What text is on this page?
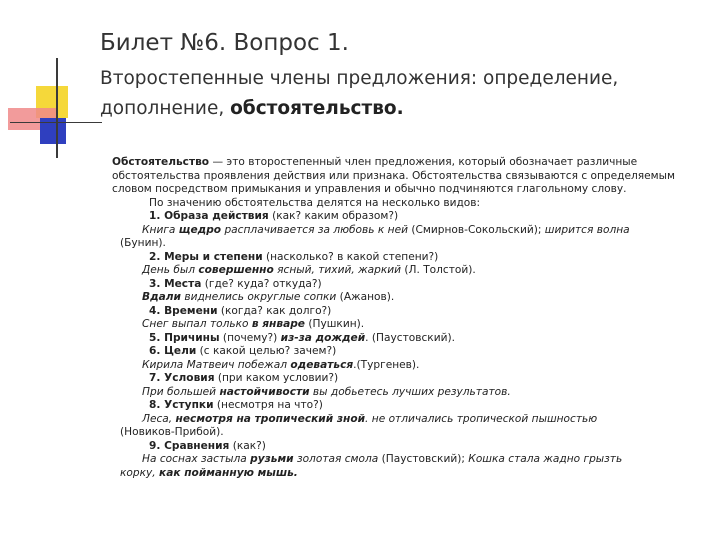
Билет №6. Вопрос 1.

Второстепенные члены предложения: определение,
дополнение, обстоятельство.

Обстоятельство — это второстепенный член предложения, который обозначает различные обстоятельства проявления действия или признака. Обстоятельства связываются с определяемым словом посредством примыкания и управления и обычно подчиняются глагольному слову.

По значению обстоятельства делятся на несколько видов:

1. Образа действия (как? каким образом?)

Книга щедро расплачивается за любовь к ней (Смирнов-Сокольский); ширится волна

(Бунин).

2. Меры и степени (насколько? в какой степени?)

День был совершенно ясный, тихий, жаркий (Л. Толстой).

3. Места (где? куда? откуда?)

Вдали виднелись округлые сопки (Ажанов).

4. Времени (когда? как долго?)

Снег выпал только в январе (Пушкин).

5. Причины (почему?) из-за дождей. (Паустовский).

6. Цели (с какой целью? зачем?)

Кирила Матвеич побежал одеваться.(Тургенев).

7. Условия (при каком условии?)

При большей настойчивости вы добьетесь лучших результатов.

8. Уступки (несмотря на что?)

Леса, несмотря на тропический зной. не отличались тропической пышностью

(Новиков-Прибой).

9. Сравнения (как?)

На соснах застыла рузьми золотая смола (Паустовский); Кошка стала жадно грызть

корку, как пойманную мышь.
